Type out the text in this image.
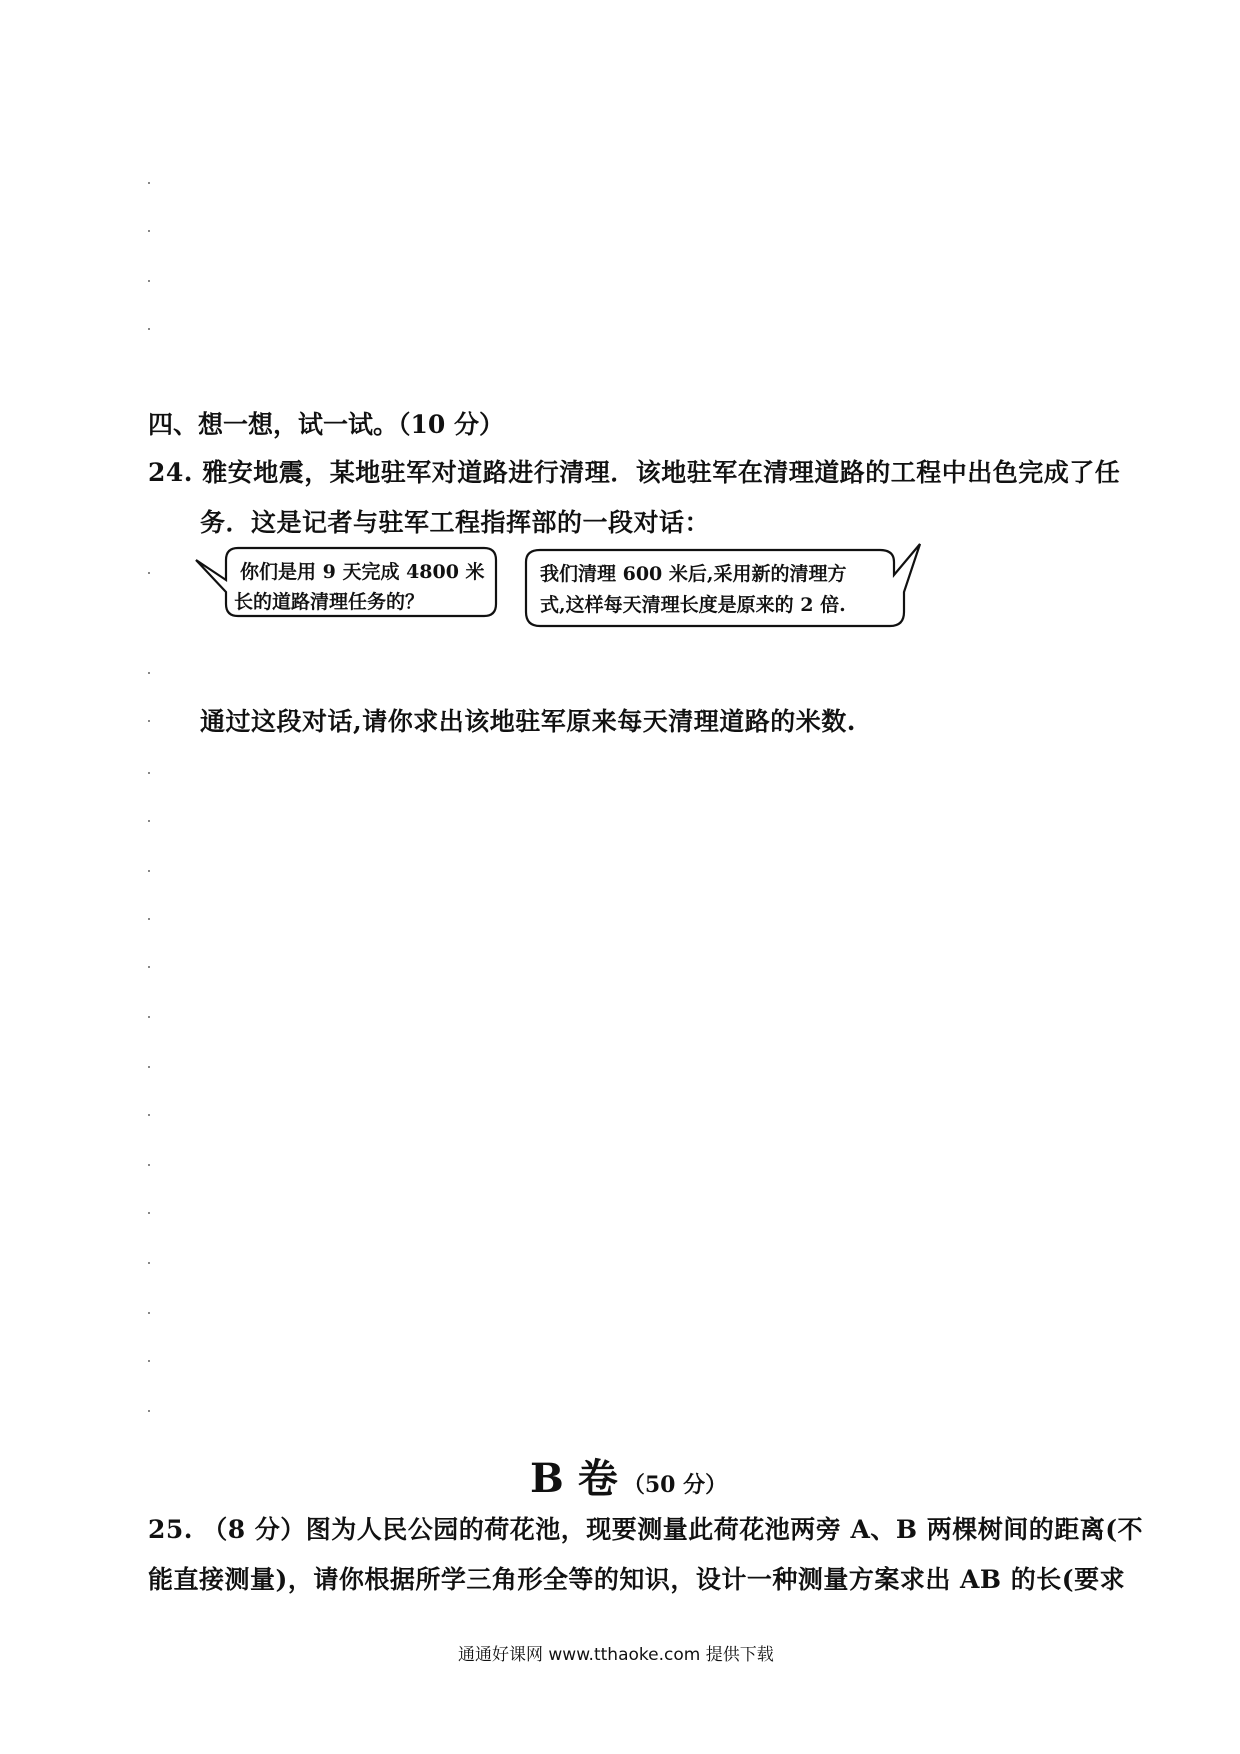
四、想一想，试一试。（10 分）
24. 雅安地震，某地驻军对道路进行清理．该地驻军在清理道路的工程中出色完成了任
务．这是记者与驻军工程指挥部的一段对话：
你们是用 9 天完成 4800 米
长的道路清理任务的？
我们清理 600 米后,采用新的清理方
式,这样每天清理长度是原来的 2 倍.
通过这段对话,请你求出该地驻军原来每天清理道路的米数.
B 卷 （50 分）
25. （8 分）图为人民公园的荷花池，现要测量此荷花池两旁 A、B 两棵树间的距离(不
能直接测量)，请你根据所学三角形全等的知识，设计一种测量方案求出 AB 的长(要求
通通好课网 www.tthaoke.com 提供下载
